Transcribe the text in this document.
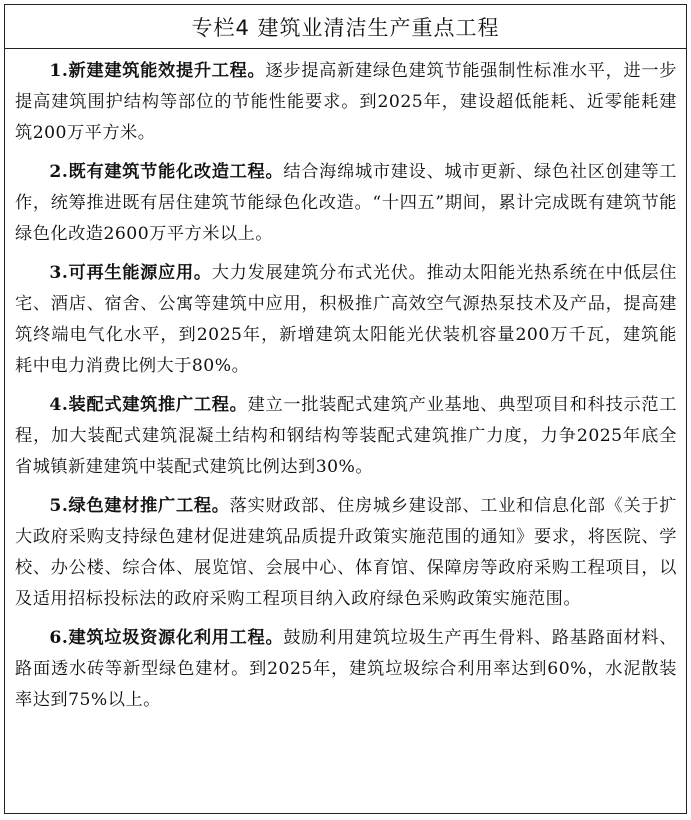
专栏4 建筑业清洁生产重点工程

1.新建建筑能效提升工程。逐步提高新建绿色建筑节能强制性标准水平，进一步提高建筑围护结构等部位的节能性能要求。到2025年，建设超低能耗、近零能耗建筑200万平方米。

2.既有建筑节能化改造工程。结合海绵城市建设、城市更新、绿色社区创建等工作，统筹推进既有居住建筑节能绿色化改造。“十四五”期间，累计完成既有建筑节能绿色化改造2600万平方米以上。

3.可再生能源应用。大力发展建筑分布式光伏。推动太阳能光热系统在中低层住宅、酒店、宿舍、公寓等建筑中应用，积极推广高效空气源热泵技术及产品，提高建筑终端电气化水平，到2025年，新增建筑太阳能光伏装机容量200万千瓦，建筑能耗中电力消费比例大于80%。

4.装配式建筑推广工程。建立一批装配式建筑产业基地、典型项目和科技示范工程，加大装配式建筑混凝土结构和钢结构等装配式建筑推广力度，力争2025年底全省城镇新建建筑中装配式建筑比例达到30%。

5.绿色建材推广工程。落实财政部、住房城乡建设部、工业和信息化部《关于扩大政府采购支持绿色建材促进建筑品质提升政策实施范围的通知》要求，将医院、学校、办公楼、综合体、展览馆、会展中心、体育馆、保障房等政府采购工程项目，以及适用招标投标法的政府采购工程项目纳入政府绿色采购政策实施范围。

6.建筑垃圾资源化利用工程。鼓励利用建筑垃圾生产再生骨料、路基路面材料、路面透水砖等新型绿色建材。到2025年，建筑垃圾综合利用率达到60%，水泥散装率达到75%以上。
